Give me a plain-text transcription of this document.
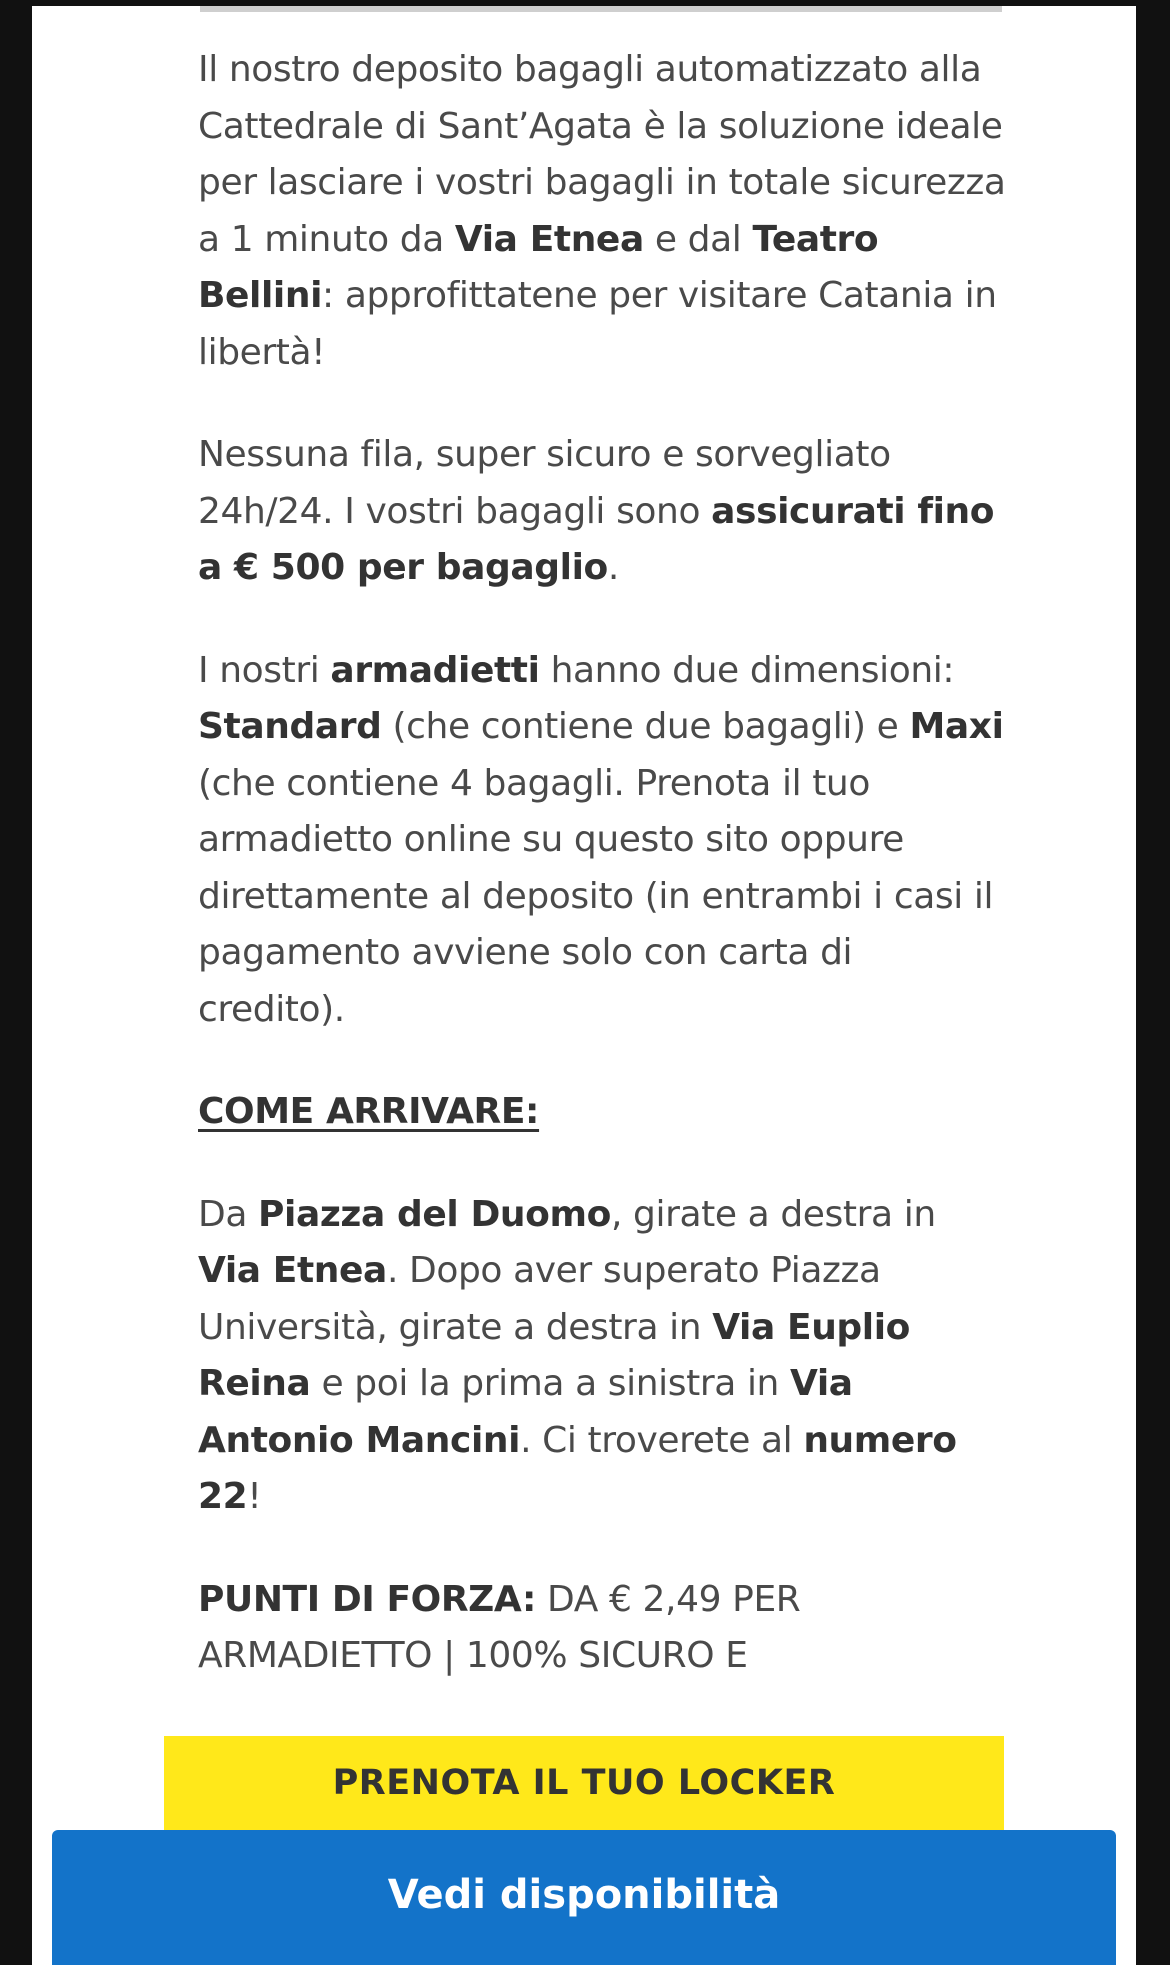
Il nostro deposito bagagli automatizzato alla Cattedrale di Sant’Agata è la soluzione ideale per lasciare i vostri bagagli in totale sicurezza a 1 minuto da Via Etnea e dal Teatro Bellini: approfittatene per visitare Catania in libertà!

Nessuna fila, super sicuro e sorvegliato 24h/24. I vostri bagagli sono assicurati fino a € 500 per bagaglio.

I nostri armadietti hanno due dimensioni: Standard (che contiene due bagagli) e Maxi (che contiene 4 bagagli. Prenota il tuo armadietto online su questo sito oppure direttamente al deposito (in entrambi i casi il pagamento avviene solo con carta di credito).

COME ARRIVARE:

Da Piazza del Duomo, girate a destra in Via Etnea. Dopo aver superato Piazza Università, girate a destra in Via Euplio Reina e poi la prima a sinistra in Via Antonio Mancini. Ci troverete al numero 22!

PUNTI DI FORZA: DA € 2,49 PER ARMADIETTO | 100% SICURO E

PRENOTA IL TUO LOCKER
Vedi disponibilità
